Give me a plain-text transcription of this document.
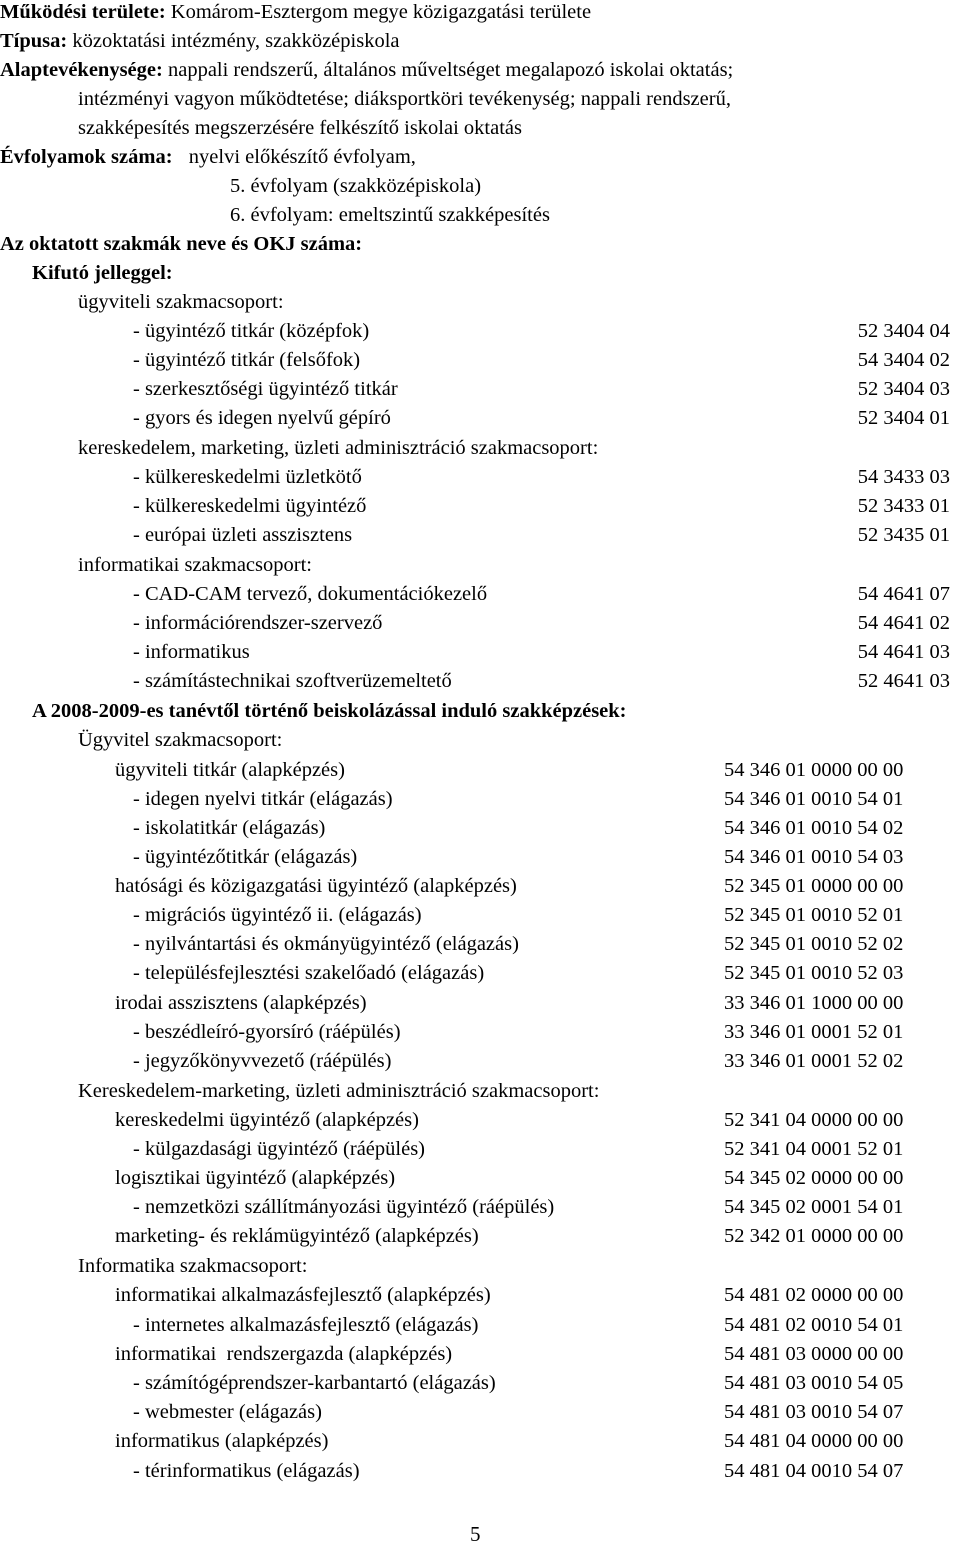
Működési területe: Komárom-Esztergom megye közigazgatási területe
Típusa: közoktatási intézmény, szakközépiskola
Alaptevékenysége: nappali rendszerű, általános műveltséget megalapozó iskolai oktatás;
intézményi vagyon működtetése; diáksportköri tevékenység; nappali rendszerű,
szakképesítés megszerzésére felkészítő iskolai oktatás
Évfolyamok száma: nyelvi előkészítő évfolyam,
5. évfolyam (szakközépiskola)
6. évfolyam: emeltszintű szakképesítés
Az oktatott szakmák neve és OKJ száma:
Kifutó jelleggel:
ügyviteli szakmacsoport:
- ügyintéző titkár (középfok)	52 3404 04
- ügyintéző titkár (felsőfok)	54 3404 02
- szerkesztőségi ügyintéző titkár	52 3404 03
- gyors és idegen nyelvű gépíró	52 3404 01
kereskedelem, marketing, üzleti adminisztráció szakmacsoport:
- külkereskedelmi üzletkötő	54 3433 03
- külkereskedelmi ügyintéző	52 3433 01
- európai üzleti asszisztens	52 3435 01
informatikai szakmacsoport:
- CAD-CAM tervező, dokumentációkezelő	54 4641 07
- információrendszer-szervező	54 4641 02
- informatikus	54 4641 03
- számítástechnikai szoftverüzemeltető	52 4641 03
A 2008-2009-es tanévtől történő beiskolázással induló szakképzések:
Ügyvitel szakmacsoport:
ügyviteli titkár (alapképzés)	54 346 01 0000 00 00
- idegen nyelvi titkár (elágazás)	54 346 01 0010 54 01
- iskolatitkár (elágazás)	54 346 01 0010 54 02
- ügyintézőtitkár (elágazás)	54 346 01 0010 54 03
hatósági és közigazgatási ügyintéző (alapképzés)	52 345 01 0000 00 00
- migrációs ügyintéző ii. (elágazás)	52 345 01 0010 52 01
- nyilvántartási és okmányügyintéző (elágazás)	52 345 01 0010 52 02
- településfejlesztési szakelőadó (elágazás)	52 345 01 0010 52 03
irodai asszisztens (alapképzés)	33 346 01 1000 00 00
- beszédleíró-gyorsíró (ráépülés)	33 346 01 0001 52 01
- jegyzőkönyvvezető (ráépülés)	33 346 01 0001 52 02
Kereskedelem-marketing, üzleti adminisztráció szakmacsoport:
kereskedelmi ügyintéző (alapképzés)	52 341 04 0000 00 00
- külgazdasági ügyintéző (ráépülés)	52 341 04 0001 52 01
logisztikai ügyintéző (alapképzés)	54 345 02 0000 00 00
- nemzetközi szállítmányozási ügyintéző (ráépülés)	54 345 02 0001 54 01
marketing- és reklámügyintéző (alapképzés)	52 342 01 0000 00 00
Informatika szakmacsoport:
informatikai alkalmazásfejlesztő (alapképzés)	54 481 02 0000 00 00
- internetes alkalmazásfejlesztő (elágazás)	54 481 02 0010 54 01
informatikai  rendszergazda (alapképzés)	54 481 03 0000 00 00
- számítógéprendszer-karbantartó (elágazás)	54 481 03 0010 54 05
- webmester (elágazás)	54 481 03 0010 54 07
informatikus (alapképzés)	54 481 04 0000 00 00
- térinformatikus (elágazás)	54 481 04 0010 54 07
5
